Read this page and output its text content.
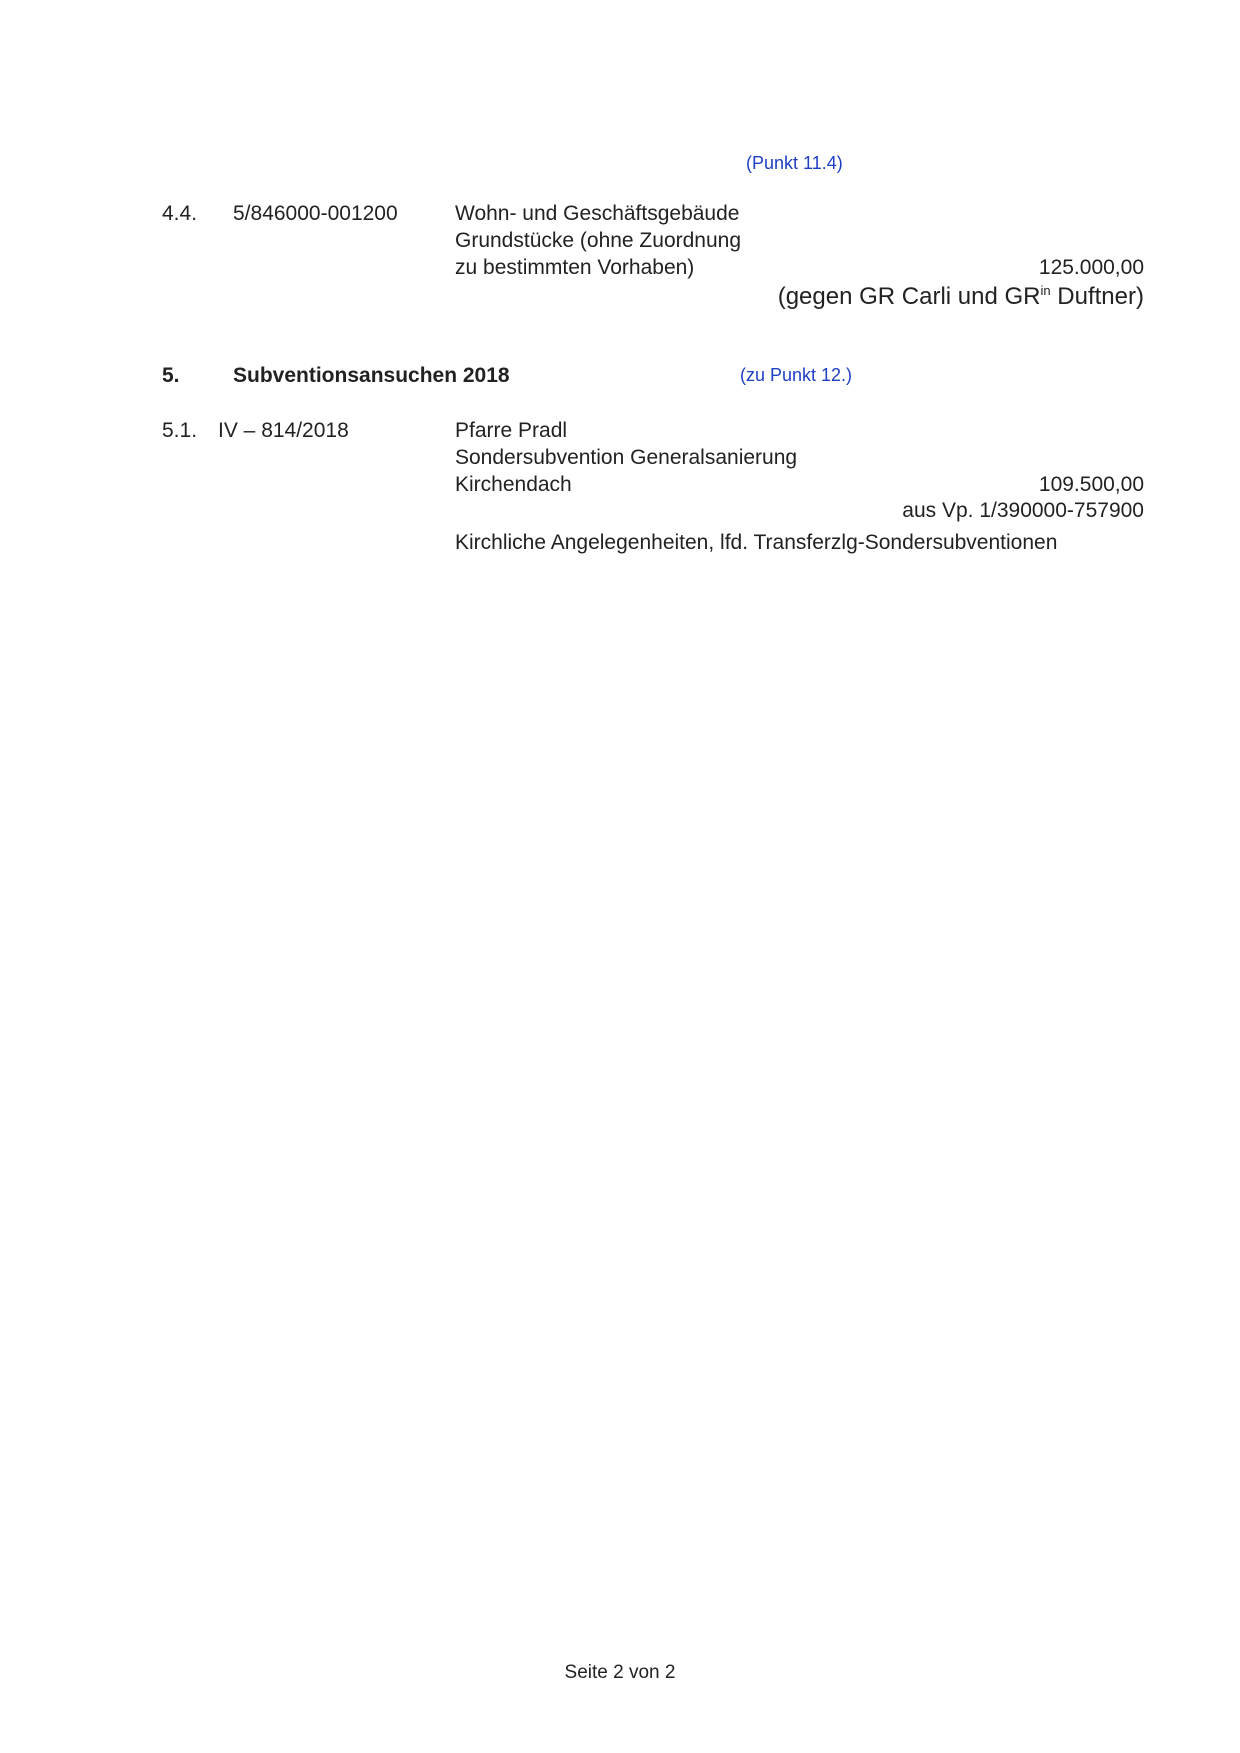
(Punkt 11.4)
4.4. 5/846000-001200	Wohn- und Geschäftsgebäude
Grundstücke (ohne Zuordnung
zu bestimmten Vorhaben)	125.000,00
(gegen GR Carli und $GR^{in}$ Duftner)
5.	Subventionsansuchen 2018	(zu Punkt 12.)
5.1. IV – 814/2018	Pfarre Pradl
Sondersubvention Generalsanierung
Kirchendach	109.500,00
aus Vp. 1/390000-757900
Kirchliche Angelegenheiten, lfd. Transferzlg-Sondersubventionen
Seite 2 von 2
